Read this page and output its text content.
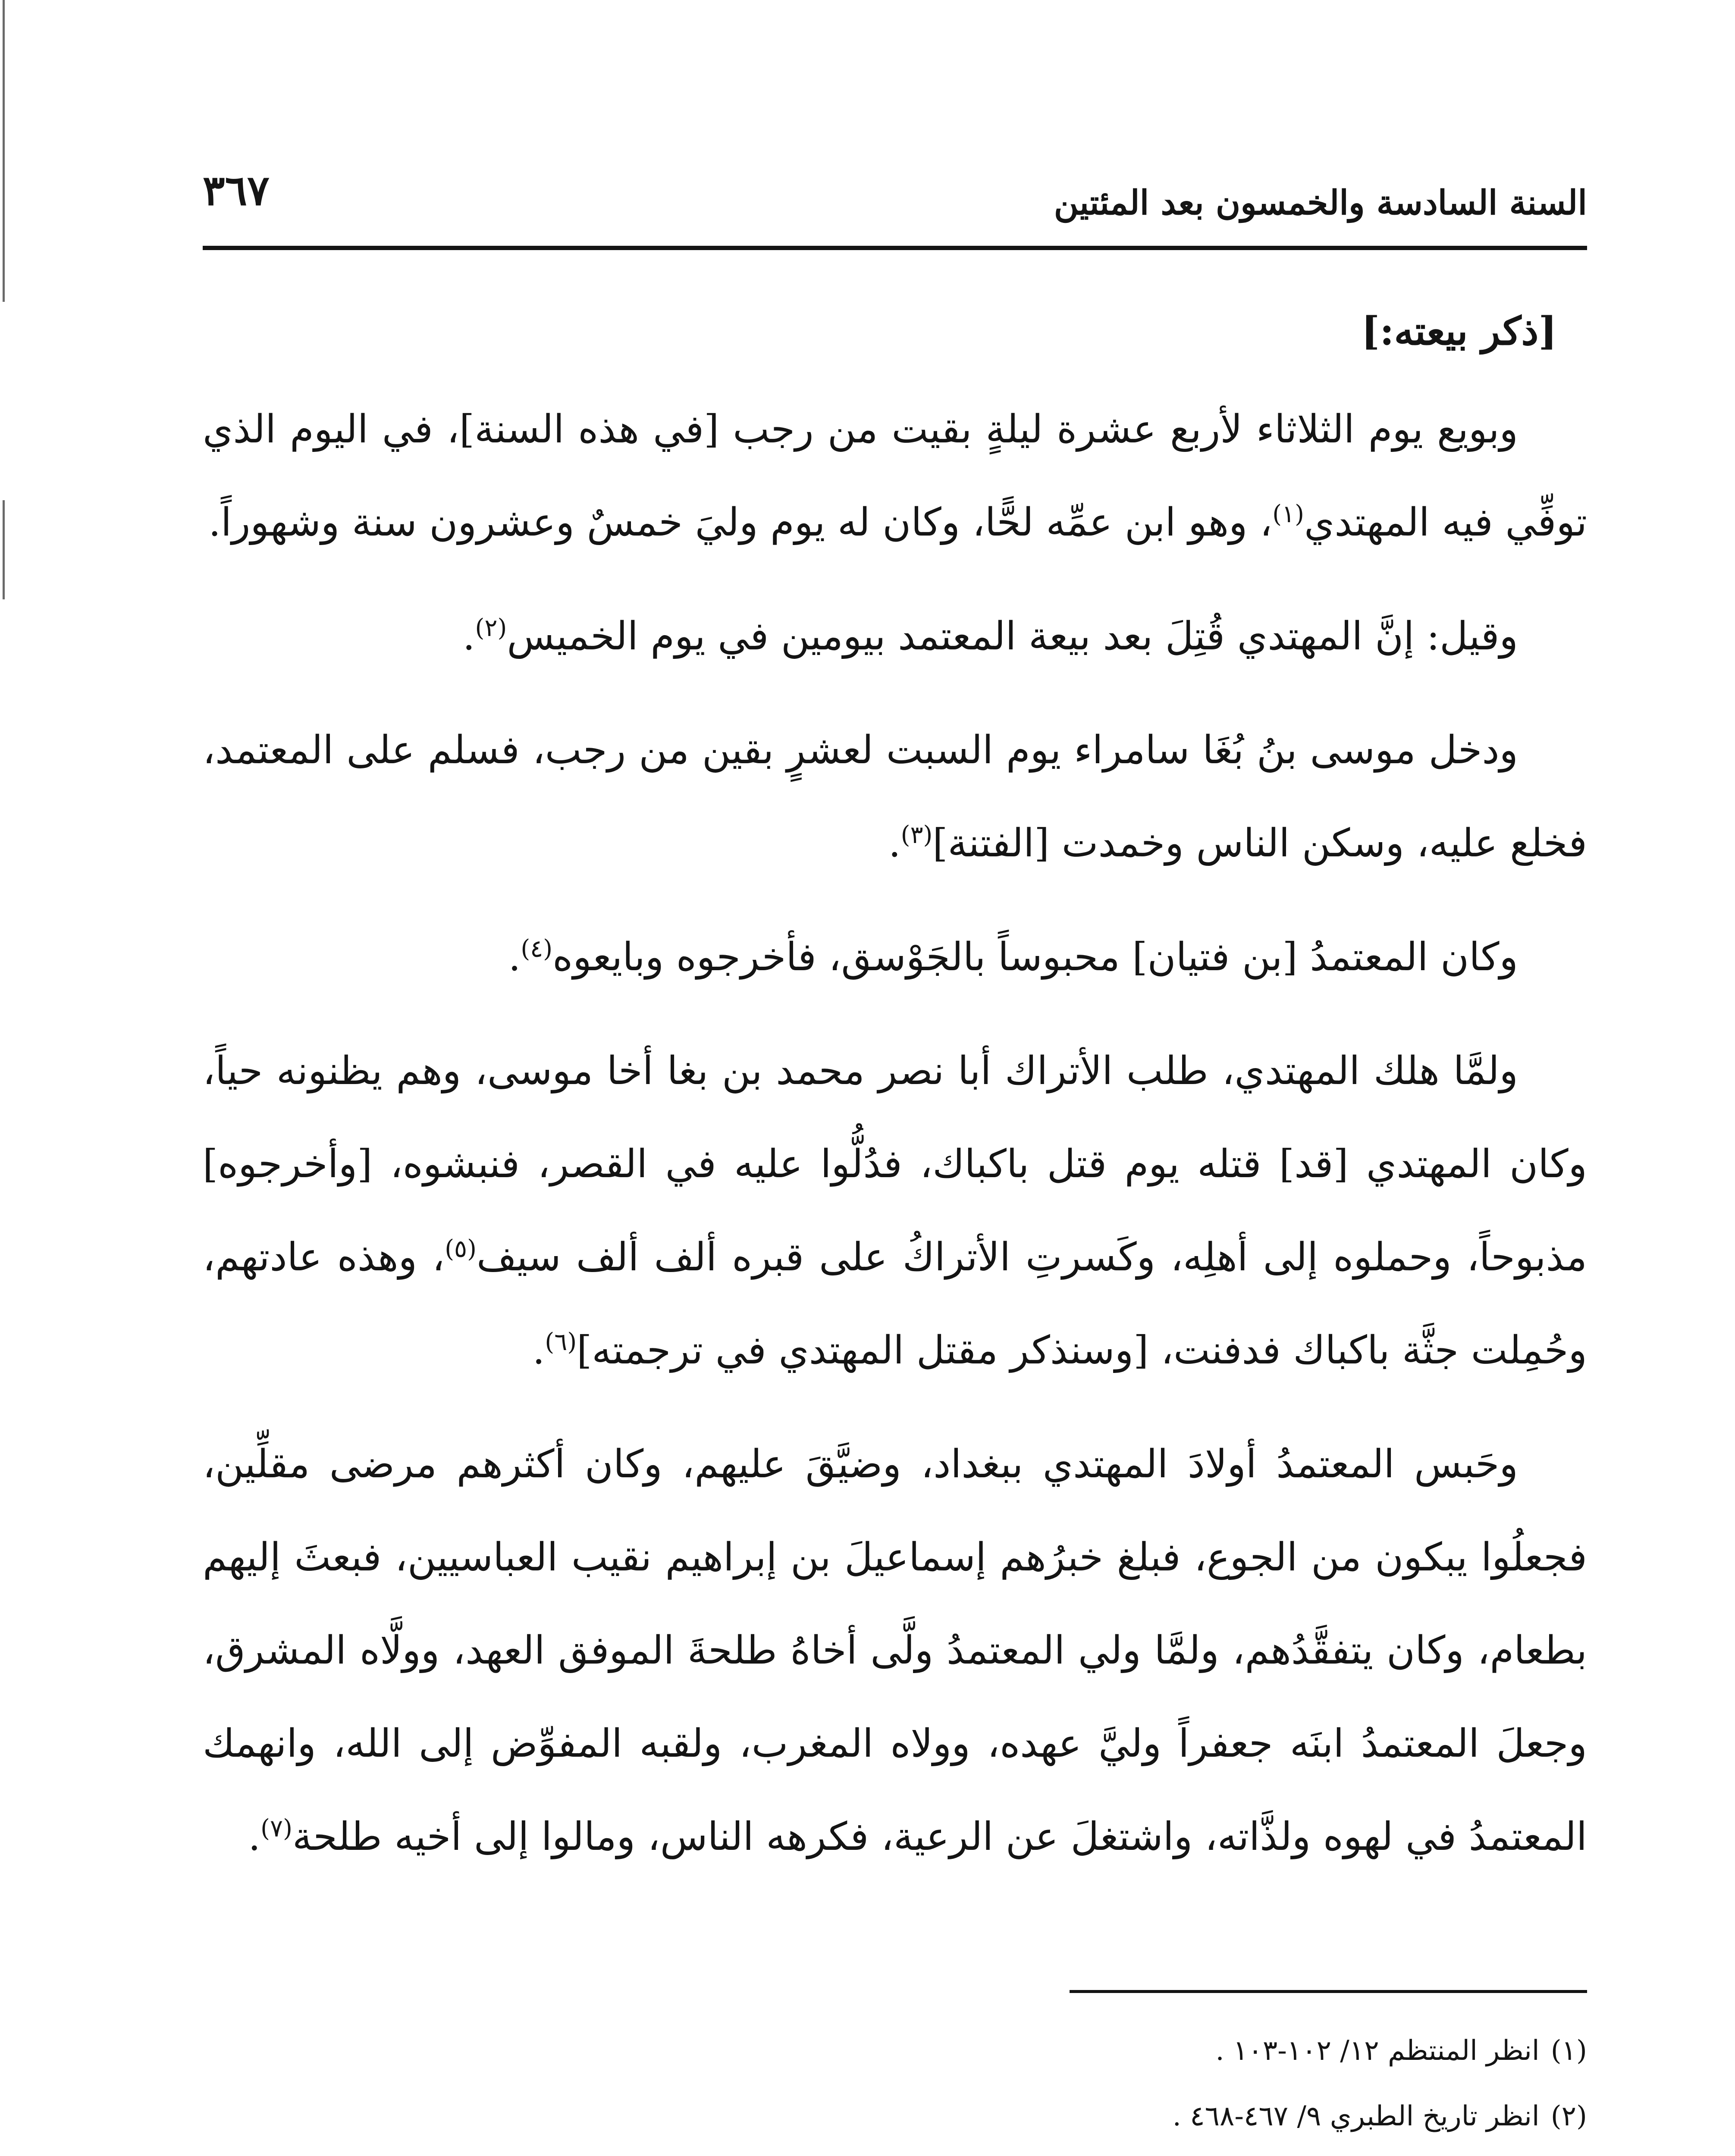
السنة السادسة والخمسون بعد المئتين
٣٦٧

[ذكر بيعته:]

وبويع يوم الثلاثاء لأربع عشرة ليلةٍ بقيت من رجب [في هذه السنة]، في اليوم الذي توفِّي فيه المهتدي$^{(١)}$، وهو ابن عمِّه لحًّا، وكان له يوم وليَ خمسٌ وعشرون سنة وشهوراً.

وقيل: إنَّ المهتدي قُتِلَ بعد بيعة المعتمد بيومين في يوم الخميس$^{(٢)}$.

ودخل موسى بنُ بُغَا سامراء يوم السبت لعشرٍ بقين من رجب، فسلم على المعتمد، فخلع عليه، وسكن الناس وخمدت [الفتنة]$^{(٣)}$.

وكان المعتمدُ [بن فتيان] محبوساً بالجَوْسق، فأخرجوه وبايعوه$^{(٤)}$.

ولمَّا هلك المهتدي، طلب الأتراك أبا نصر محمد بن بغا أخا موسى، وهم يظنونه حياً، وكان المهتدي [قد] قتله يوم قتل باكباك، فدُلُّوا عليه في القصر، فنبشوه، [وأخرجوه] مذبوحاً، وحملوه إلى أهلِه، وكَسرتِ الأتراكُ على قبره ألف ألف سيف$^{(٥)}$، وهذه عادتهم، وحُمِلت جثَّة باكباك فدفنت، [وسنذكر مقتل المهتدي في ترجمته]$^{(٦)}$.

وحَبس المعتمدُ أولادَ المهتدي ببغداد، وضيَّقَ عليهم، وكان أكثرهم مرضى مقلِّين، فجعلُوا يبكون من الجوع، فبلغ خبرُهم إسماعيلَ بن إبراهيم نقيب العباسيين، فبعثَ إليهم بطعام، وكان يتفقَّدُهم، ولمَّا ولي المعتمدُ ولَّى أخاهُ طلحةَ الموفق العهد، وولَّاه المشرق، وجعلَ المعتمدُ ابنَه جعفراً وليَّ عهده، وولاه المغرب، ولقبه المفوِّض إلى الله، وانهمك المعتمدُ في لهوه ولذَّاته، واشتغلَ عن الرعية، فكرهه الناس، ومالوا إلى أخيه طلحة$^{(٧)}$.

(١)
انظر المنتظم ١٢/ ١٠٢-١٠٣ .
(٢)
انظر تاريخ الطبري ٩/ ٤٦٧-٤٦٨ .
